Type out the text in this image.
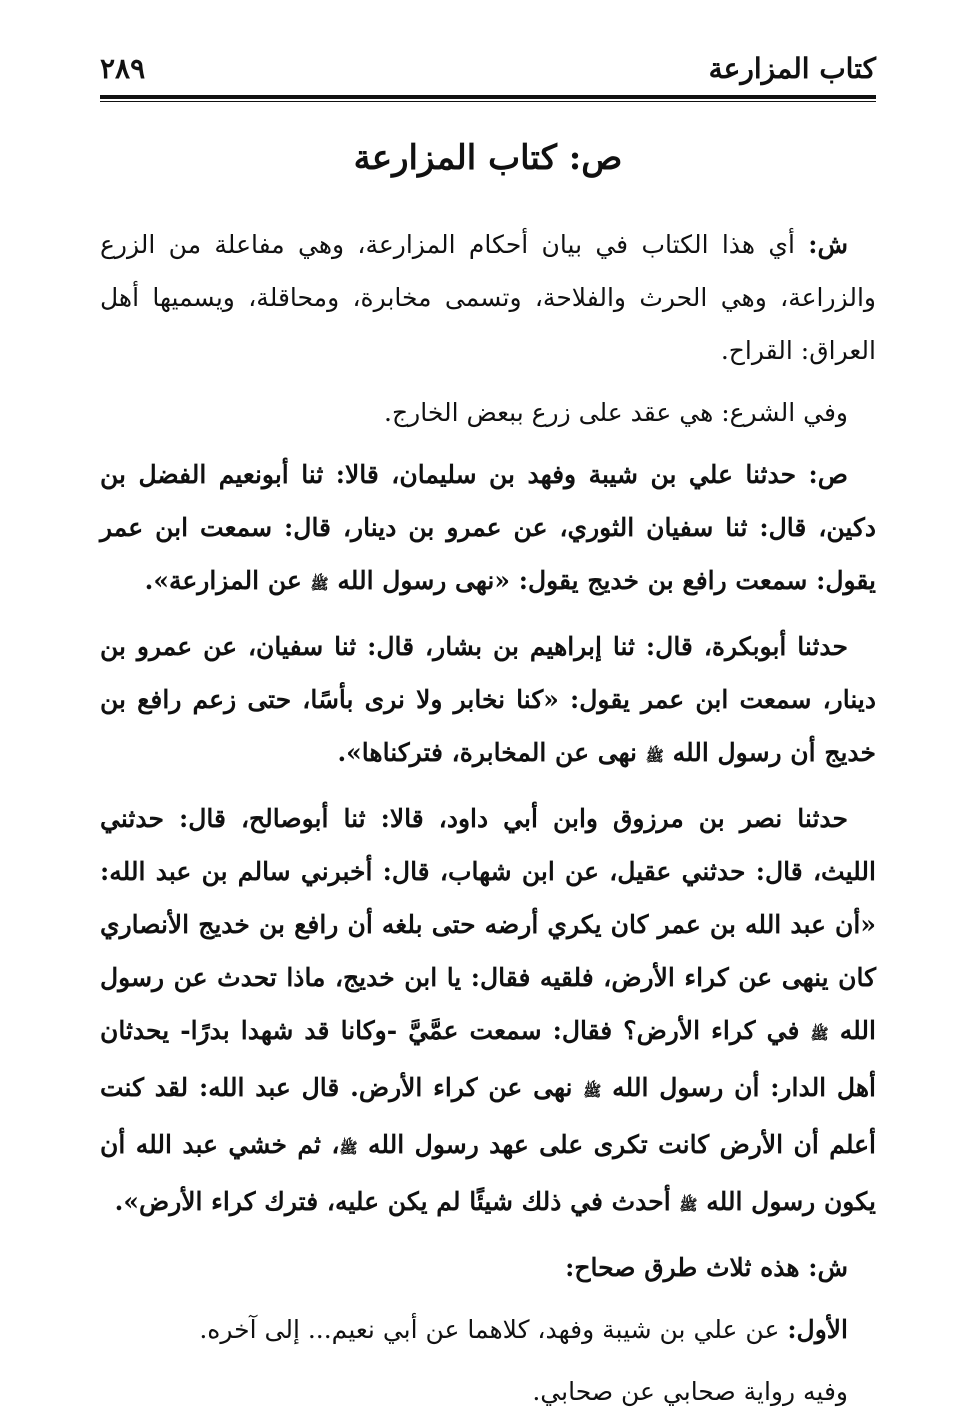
كتاب المزارعة
٢٨٩
ص: كتاب المزارعة

ش: أي هذا الكتاب في بيان أحكام المزارعة، وهي مفاعلة من الزرع والزراعة، وهي الحرث والفلاحة، وتسمى مخابرة، ومحاقلة، ويسميها أهل العراق: القراح.

وفي الشرع: هي عقد على زرع ببعض الخارج.

ص: حدثنا علي بن شيبة وفهد بن سليمان، قالا: ثنا أبونعيم الفضل بن دكين، قال: ثنا سفيان الثوري، عن عمرو بن دينار، قال: سمعت ابن عمر يقول: سمعت رافع بن خديج يقول: «نهى رسول الله ﷺ عن المزارعة».

حدثنا أبوبكرة، قال: ثنا إبراهيم بن بشار، قال: ثنا سفيان، عن عمرو بن دينار، سمعت ابن عمر يقول: «كنا نخابر ولا نرى بأسًا، حتى زعم رافع بن خديج أن رسول الله ﷺ نهى عن المخابرة، فتركناها».

حدثنا نصر بن مرزوق وابن أبي داود، قالا: ثنا أبوصالح، قال: حدثني الليث، قال: حدثني عقيل، عن ابن شهاب، قال: أخبرني سالم بن عبد الله: «أن عبد الله بن عمر كان يكري أرضه حتى بلغه أن رافع بن خديج الأنصاري كان ينهى عن كراء الأرض، فلقيه فقال: يا ابن خديج، ماذا تحدث عن رسول الله ﷺ في كراء الأرض؟ فقال: سمعت عمَّيَّ -وكانا قد شهدا بدرًا- يحدثان أهل الدار: أن رسول الله ﷺ نهى عن كراء الأرض. قال عبد الله: لقد كنت أعلم أن الأرض كانت تكرى على عهد رسول الله ﷺ، ثم خشي عبد الله أن يكون رسول الله ﷺ أحدث في ذلك شيئًا لم يكن عليه، فترك كراء الأرض».

ش: هذه ثلاث طرق صحاح:

الأول: عن علي بن شيبة وفهد، كلاهما عن أبي نعيم... إلى آخره.

وفيه رواية صحابي عن صحابي.
